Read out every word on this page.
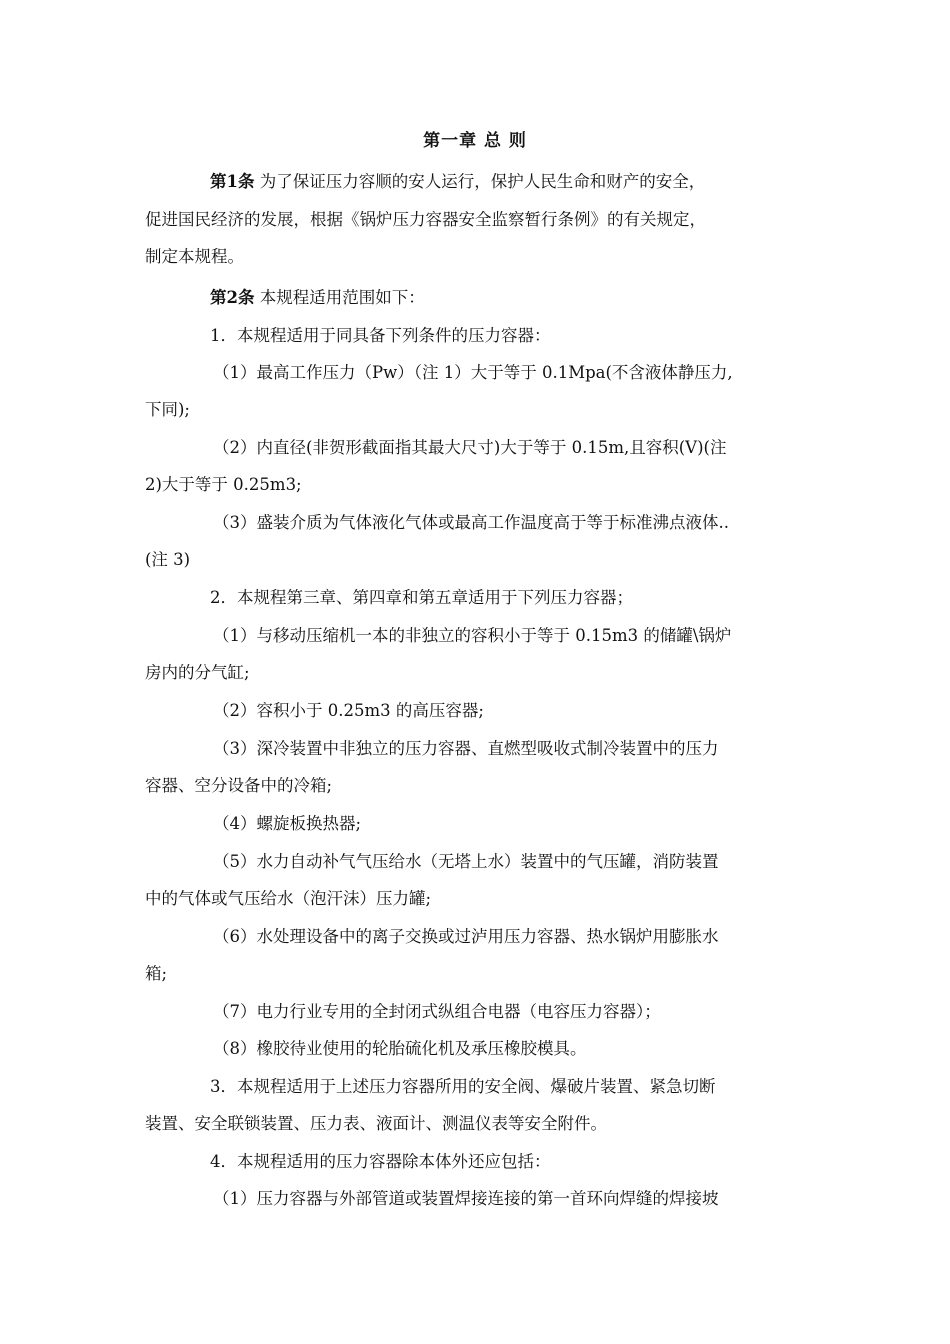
第一章 总 则
第1条 为了保证压力容顺的安人运行，保护人民生命和财产的安全，
促进国民经济的发展，根据《锅炉压力容器安全监察暂行条例》的有关规定，
制定本规程。
第2条 本规程适用范围如下：
1．本规程适用于同具备下列条件的压力容器：
（1）最高工作压力（Pw）（注 1）大于等于 0.1Mpa(不含液体静压力,
下同);
（2）内直径(非贺形截面指其最大尺寸)大于等于 0.15m,且容积(V)(注
2)大于等于 0.25m3;
（3）盛装介质为气体液化气体或最高工作温度高于等于标准沸点液体..
(注 3)
2．本规程第三章、第四章和第五章适用于下列压力容器；
（1）与移动压缩机一本的非独立的容积小于等于 0.15m3 的储罐\锅炉
房内的分气缸;
（2）容积小于 0.25m3 的高压容器;
（3）深冷装置中非独立的压力容器、直燃型吸收式制冷装置中的压力
容器、空分设备中的冷箱;
（4）螺旋板换热器;
（5）水力自动补气气压给水（无塔上水）装置中的气压罐，消防装置
中的气体或气压给水（泡汗沫）压力罐;
（6）水处理设备中的离子交换或过泸用压力容器、热水锅炉用膨胀水
箱;
（7）电力行业专用的全封闭式纵组合电器（电容压力容器）；
（8）橡胶待业使用的轮胎硫化机及承压橡胶模具。
3．本规程适用于上述压力容器所用的安全阀、爆破片装置、紧急切断
装置、安全联锁装置、压力表、液面计、测温仪表等安全附件。
4．本规程适用的压力容器除本体外还应包括：
（1）压力容器与外部管道或装置焊接连接的第一首环向焊缝的焊接坡
